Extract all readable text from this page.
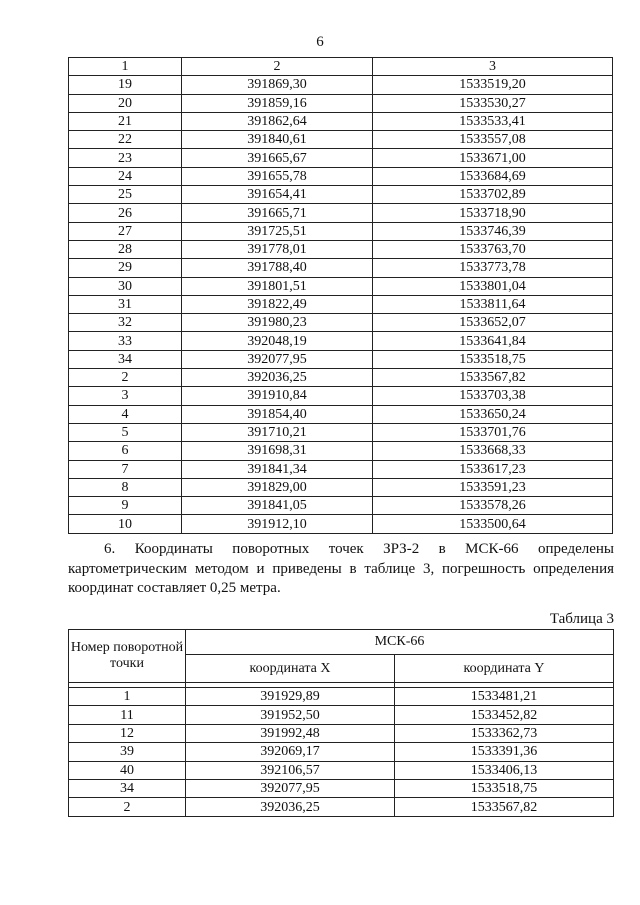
6
1	2	3
19	391869,30	1533519,20
20	391859,16	1533530,27
21	391862,64	1533533,41
22	391840,61	1533557,08
23	391665,67	1533671,00
24	391655,78	1533684,69
25	391654,41	1533702,89
26	391665,71	1533718,90
27	391725,51	1533746,39
28	391778,01	1533763,70
29	391788,40	1533773,78
30	391801,51	1533801,04
31	391822,49	1533811,64
32	391980,23	1533652,07
33	392048,19	1533641,84
34	392077,95	1533518,75
2	392036,25	1533567,82
3	391910,84	1533703,38
4	391854,40	1533650,24
5	391710,21	1533701,76
6	391698,31	1533668,33
7	391841,34	1533617,23
8	391829,00	1533591,23
9	391841,05	1533578,26
10	391912,10	1533500,64

6. Координаты поворотных точек ЗРЗ-2 в МСК-66 определены картометрическим методом и приведены в таблице 3, погрешность определения координат составляет 0,25 метра.

Таблица 3

Номер поворотной точки	МСК-66	
	координата X	координата Y

1	391929,89	1533481,21
11	391952,50	1533452,82
12	391992,48	1533362,73
39	392069,17	1533391,36
40	392106,57	1533406,13
34	392077,95	1533518,75
2	392036,25	1533567,82
